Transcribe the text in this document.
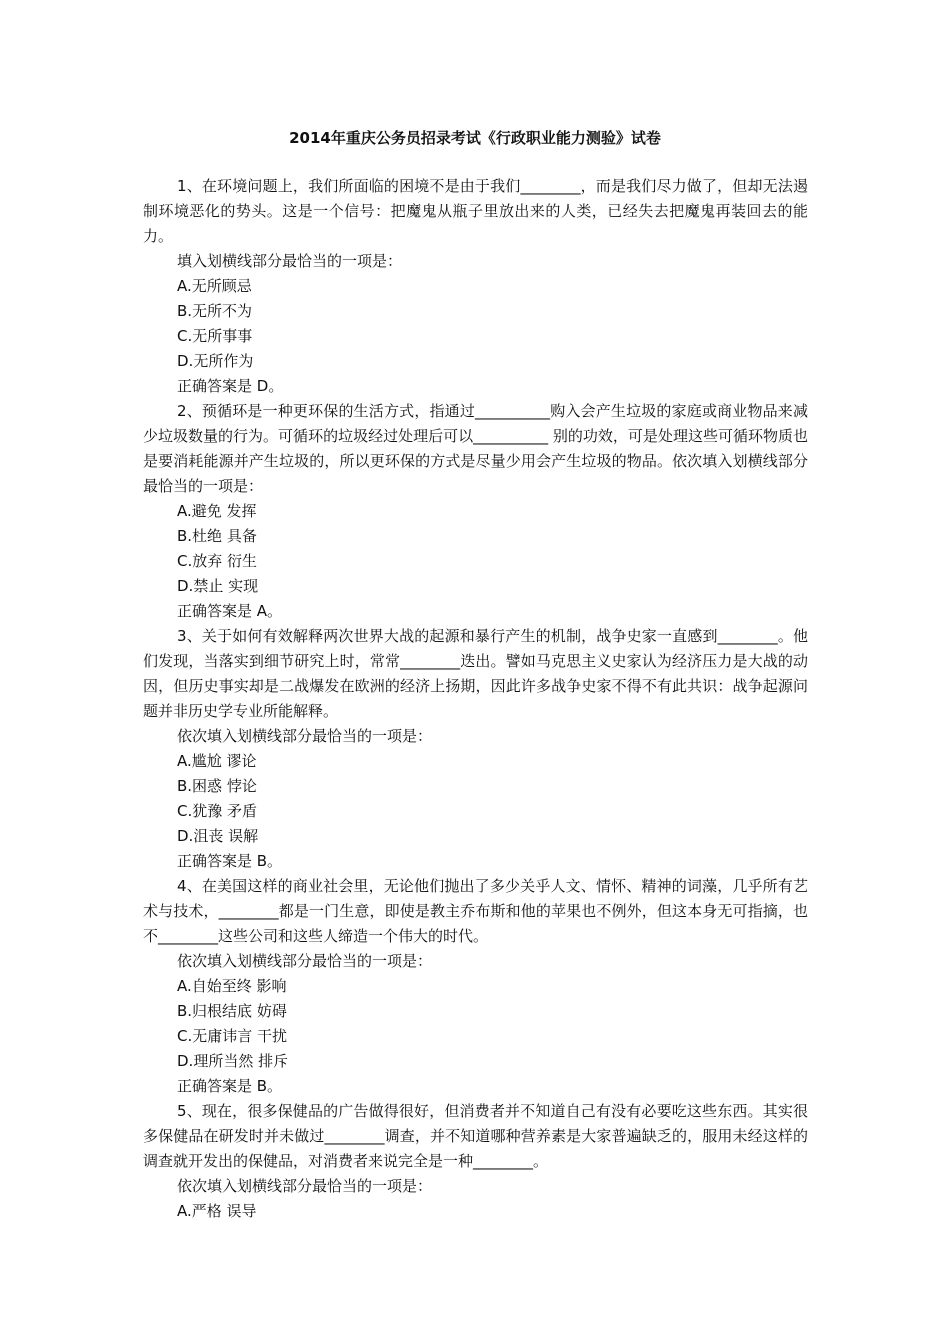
2014年重庆公务员招录考试《行政职业能力测验》试卷

1、在环境问题上，我们所面临的困境不是由于我们________，而是我们尽力做了，但却无法遏制环境恶化的势头。这是一个信号：把魔鬼从瓶子里放出来的人类，已经失去把魔鬼再装回去的能力。

填入划横线部分最恰当的一项是：

A.无所顾忌

B.无所不为

C.无所事事

D.无所作为

正确答案是 D。

2、预循环是一种更环保的生活方式，指通过__________购入会产生垃圾的家庭或商业物品来减少垃圾数量的行为。可循环的垃圾经过处理后可以__________ 别的功效，可是处理这些可循环物质也是要消耗能源并产生垃圾的，所以更环保的方式是尽量少用会产生垃圾的物品。依次填入划横线部分最恰当的一项是：

A.避免 发挥

B.杜绝 具备

C.放弃 衍生

D.禁止 实现

正确答案是 A。

3、关于如何有效解释两次世界大战的起源和暴行产生的机制，战争史家一直感到________。他们发现，当落实到细节研究上时，常常________迭出。譬如马克思主义史家认为经济压力是大战的动因，但历史事实却是二战爆发在欧洲的经济上扬期，因此许多战争史家不得不有此共识：战争起源问题并非历史学专业所能解释。

依次填入划横线部分最恰当的一项是：

A.尴尬 谬论

B.困惑 悖论

C.犹豫 矛盾

D.沮丧 误解

正确答案是 B。

4、在美国这样的商业社会里，无论他们抛出了多少关乎人文、情怀、精神的词藻，几乎所有艺术与技术，________都是一门生意，即使是教主乔布斯和他的苹果也不例外，但这本身无可指摘，也不________这些公司和这些人缔造一个伟大的时代。

依次填入划横线部分最恰当的一项是：

A.自始至终 影响

B.归根结底 妨碍

C.无庸讳言 干扰

D.理所当然 排斥

正确答案是 B。

5、现在，很多保健品的广告做得很好，但消费者并不知道自己有没有必要吃这些东西。其实很多保健品在研发时并未做过________调查，并不知道哪种营养素是大家普遍缺乏的，服用未经这样的调查就开发出的保健品，对消费者来说完全是一种________。

依次填入划横线部分最恰当的一项是：

A.严格 误导
